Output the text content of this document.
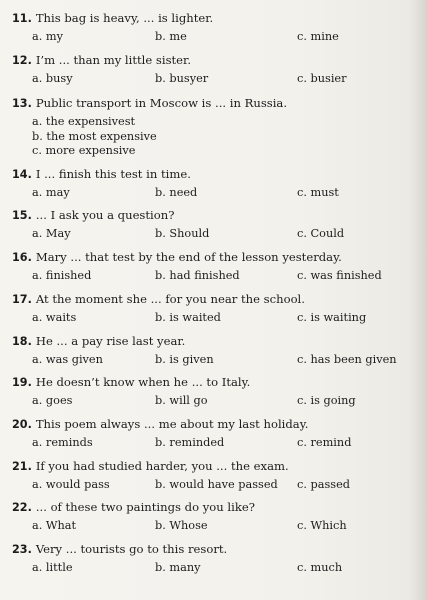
11. This bag is heavy, ... is lighter.
a. my	b. me	c. mine
12. I’m ... than my little sister.
a. busy	b. busyer	c. busier
13. Public transport in Moscow is ... in Russia.
a. the expensivest
b. the most expensive
c. more expensive
14. I ... finish this test in time.
a. may	b. need	c. must
15. ... I ask you a question?
a. May	b. Should	c. Could
16. Mary ... that test by the end of the lesson yesterday.
a. finished	b. had finished	c. was finished
17. At the moment she ... for you near the school.
a. waits	b. is waited	c. is waiting
18. He ... a pay rise last year.
a. was given	b. is given	c. has been given
19. He doesn’t know when he ... to Italy.
a. goes	b. will go	c. is going
20. This poem always ... me about my last holiday.
a. reminds	b. reminded	c. remind
21. If you had studied harder, you ... the exam.
a. would pass	b. would have passed c. passed
22. ... of these two paintings do you like?
a. What	b. Whose	c. Which
23. Very ... tourists go to this resort.
a. little	b. many	c. much
